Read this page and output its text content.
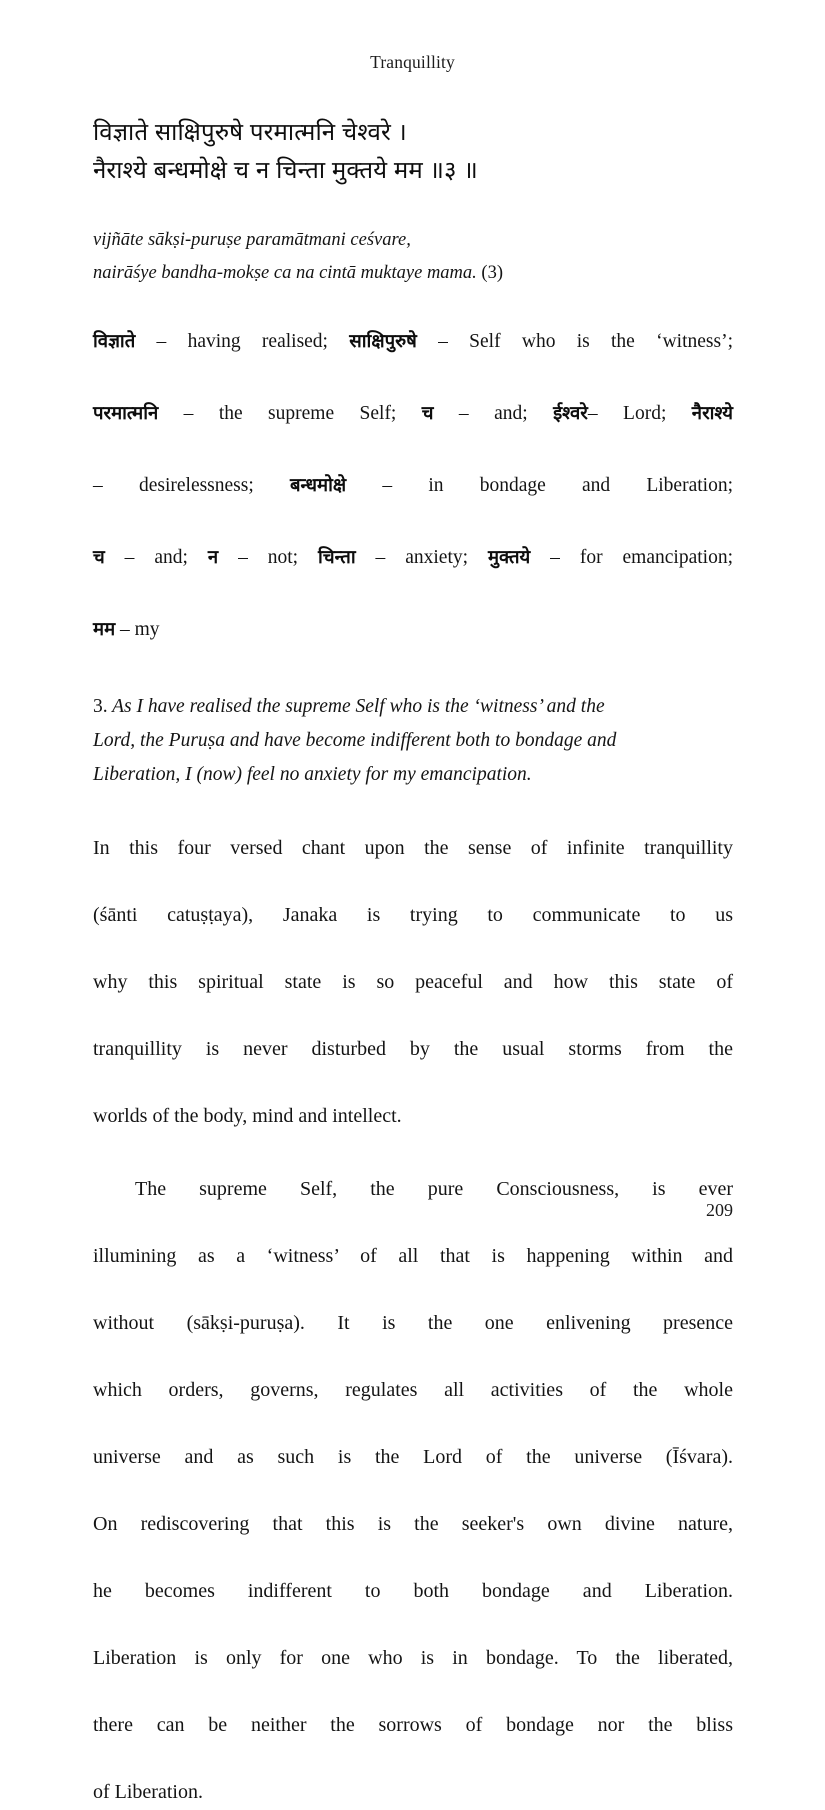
Tranquillity
विज्ञाते साक्षिपुरुषे परमात्मनि चेश्वरे ।
नैराश्ये बन्धमोक्षे च न चिन्ता मुक्तये मम ॥३ ॥
vijñāte sākṣi-puruṣe paramātmani ceśvare,
nairāśye bandha-mokṣe ca na cintā muktaye mama. (3)
विज्ञाते – having realised; साक्षिपुरुषे – Self who is the ‘witness’;
परमात्मनि – the supreme Self; च – and; ईश्वरे– Lord; नैराश्ये
– desirelessness; बन्धमोक्षे – in bondage and Liberation;
च – and; न – not; चिन्ता – anxiety; मुक्तये – for emancipation;
मम – my
3. As I have realised the supreme Self who is the ‘witness’ and the
Lord, the Puruṣa and have become indifferent both to bondage and
Liberation, I (now) feel no anxiety for my emancipation.
In this four versed chant upon the sense of infinite tranquillity
(śānti catuṣṭaya), Janaka is trying to communicate to us
why this spiritual state is so peaceful and how this state of
tranquillity is never disturbed by the usual storms from the
worlds of the body, mind and intellect.
The supreme Self, the pure Consciousness, is ever
illumining as a ‘witness’ of all that is happening within and
without (sākṣi-puruṣa). It is the one enlivening presence
which orders, governs, regulates all activities of the whole
universe and as such is the Lord of the universe (Īśvara).
On rediscovering that this is the seeker's own divine nature,
he becomes indifferent to both bondage and Liberation.
Liberation is only for one who is in bondage. To the liberated,
there can be neither the sorrows of bondage nor the bliss
of Liberation.
209
